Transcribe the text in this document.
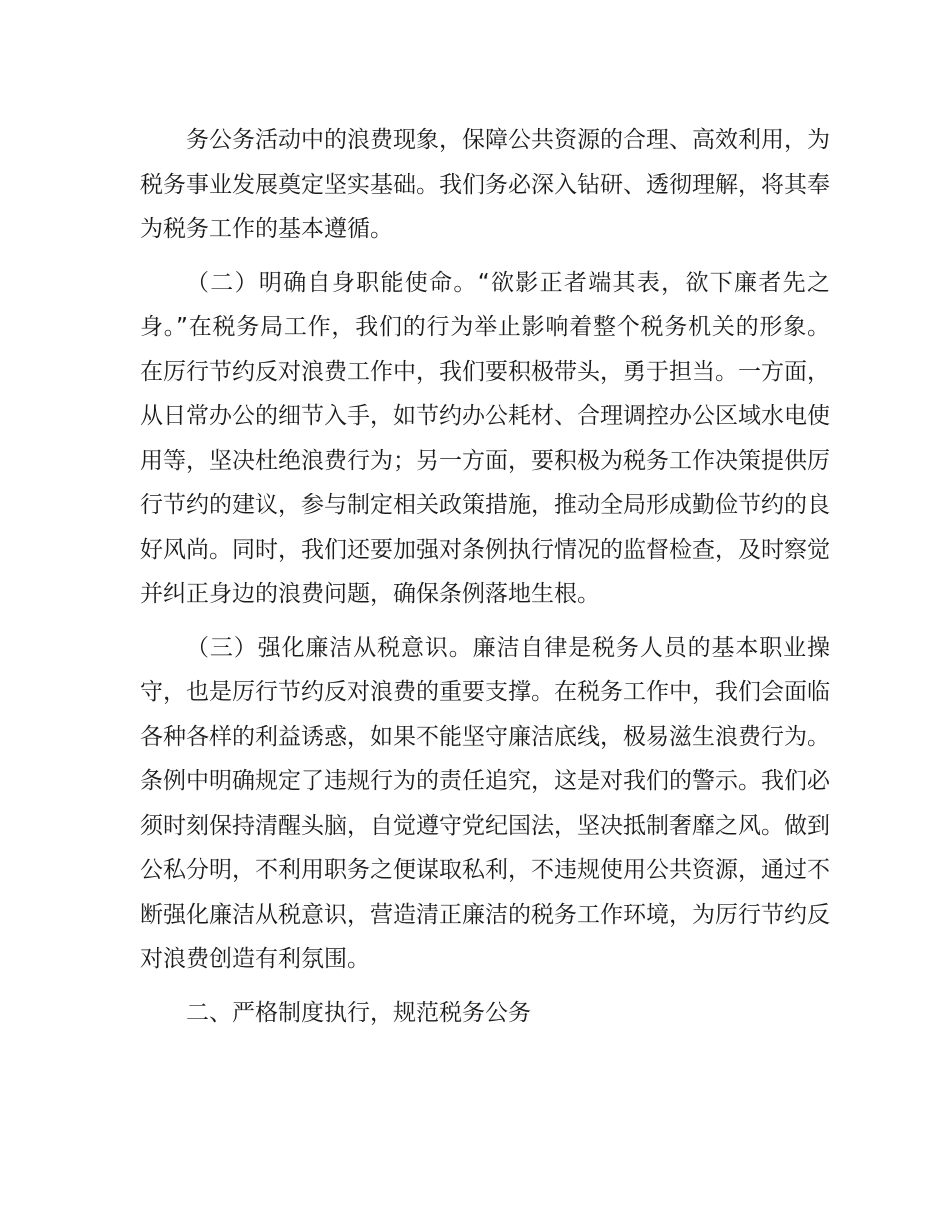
务公务活动中的浪费现象，保障公共资源的合理、高效利用，为税务事业发展奠定坚实基础。我们务必深入钻研、透彻理解，将其奉为税务工作的基本遵循。

（二）明确自身职能使命。“欲影正者端其表，欲下廉者先之身。”在税务局工作，我们的行为举止影响着整个税务机关的形象。在厉行节约反对浪费工作中，我们要积极带头，勇于担当。一方面，从日常办公的细节入手，如节约办公耗材、合理调控办公区域水电使用等，坚决杜绝浪费行为；另一方面，要积极为税务工作决策提供厉行节约的建议，参与制定相关政策措施，推动全局形成勤俭节约的良好风尚。同时，我们还要加强对条例执行情况的监督检查，及时察觉并纠正身边的浪费问题，确保条例落地生根。

（三）强化廉洁从税意识。廉洁自律是税务人员的基本职业操守，也是厉行节约反对浪费的重要支撑。在税务工作中，我们会面临各种各样的利益诱惑，如果不能坚守廉洁底线，极易滋生浪费行为。条例中明确规定了违规行为的责任追究，这是对我们的警示。我们必须时刻保持清醒头脑，自觉遵守党纪国法，坚决抵制奢靡之风。做到公私分明，不利用职务之便谋取私利，不违规使用公共资源，通过不断强化廉洁从税意识，营造清正廉洁的税务工作环境，为厉行节约反对浪费创造有利氛围。

二、严格制度执行，规范税务公务
